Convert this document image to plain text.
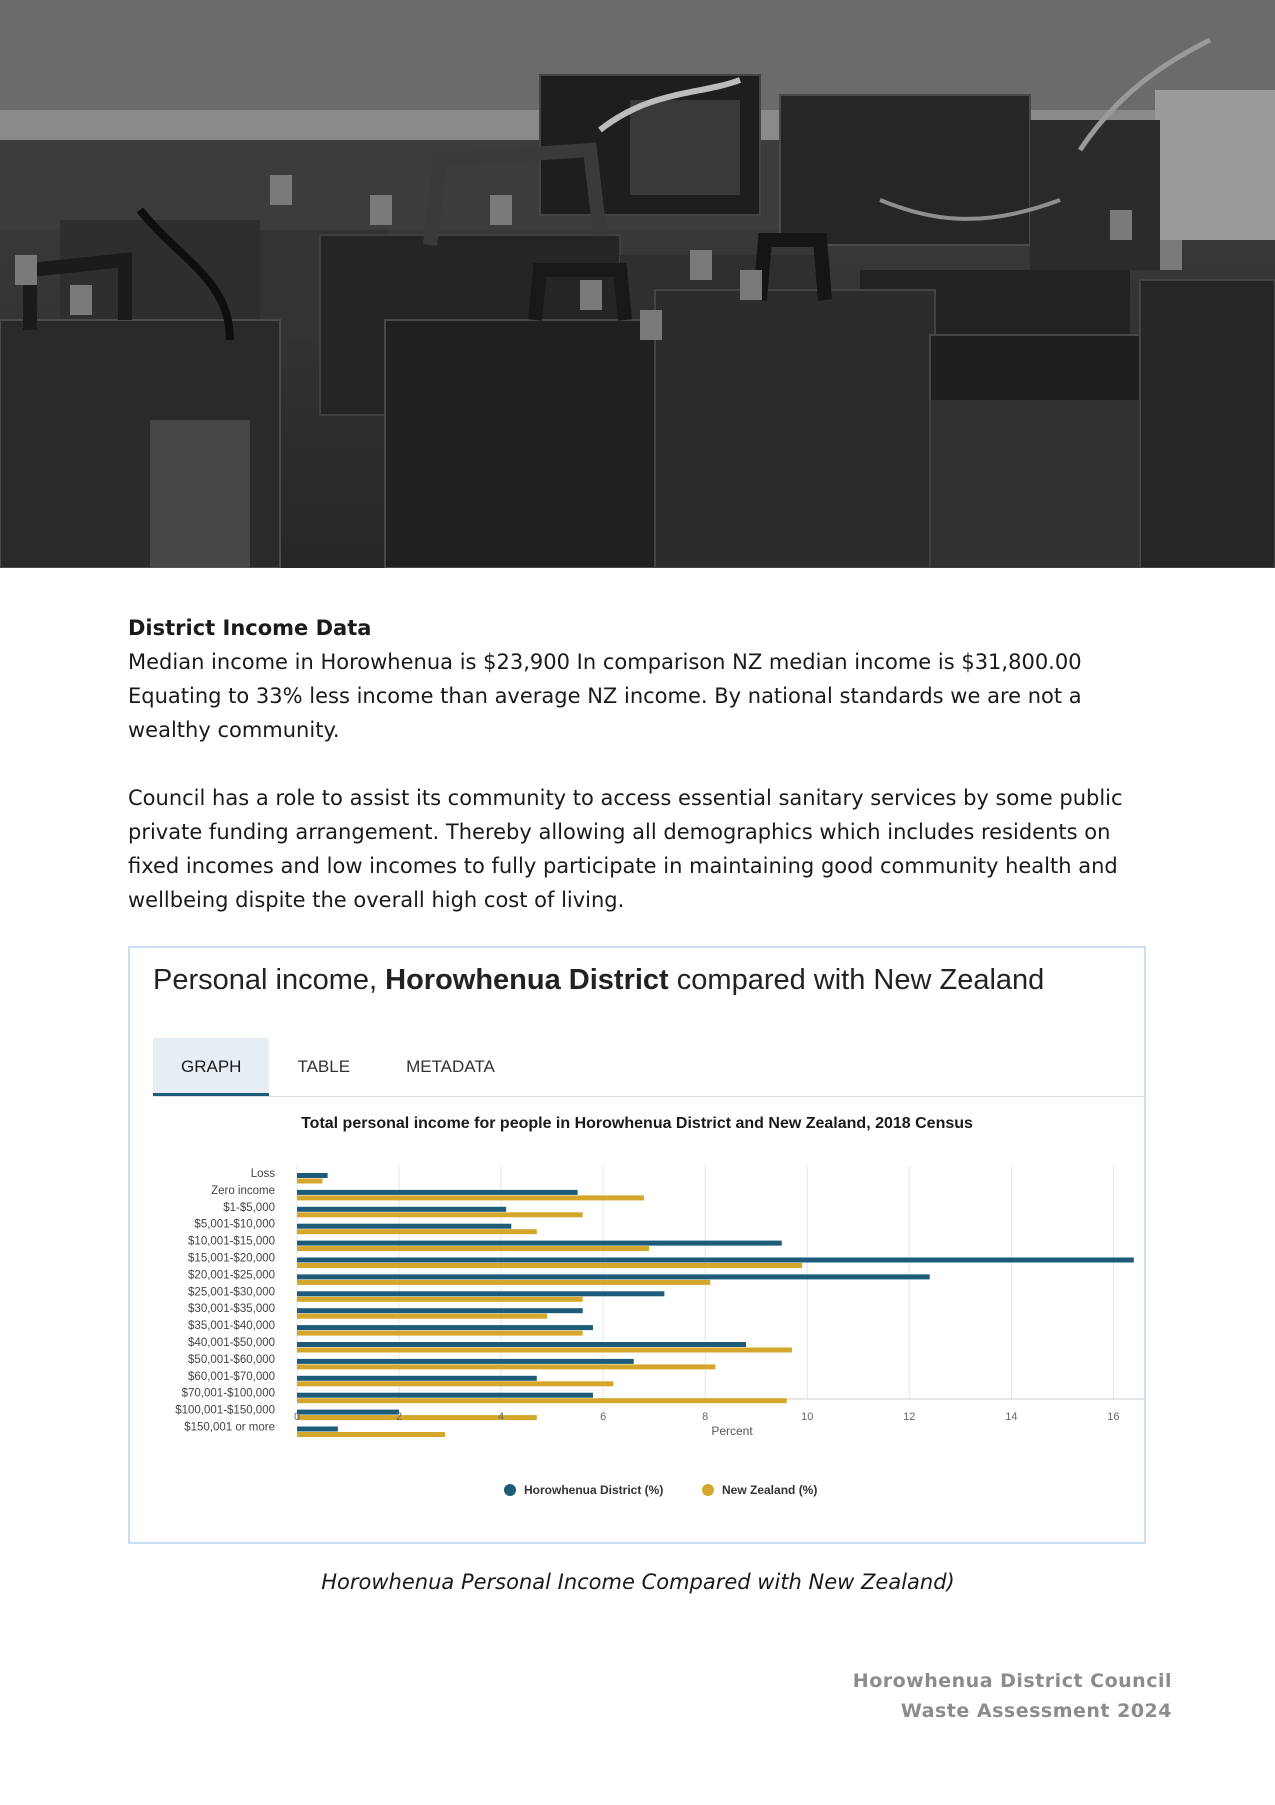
District Income Data

Median income in Horowhenua is $23,900 In comparison NZ median income is $31,800.00 Equating to 33% less income than average NZ income. By national standards we are not a wealthy community.

Council has a role to assist its community to access essential sanitary services by some public private funding arrangement. Thereby allowing all demographics which includes residents on fixed incomes and low incomes to fully participate in maintaining good community health and wellbeing dispite the overall high cost of living.

Personal income, Horowhenua District compared with New Zealand
GRAPH	TABLE	METADATA
Total personal income for people in Horowhenua District and New Zealand, 2018 Census
Loss
Zero income
$1-$5,000
$5,001-$10,000
$10,001-$15,000
$15,001-$20,000
$20,001-$25,000
$25,001-$30,000
$30,001-$35,000
$35,001-$40,000
$40,001-$50,000
$50,001-$60,000
$60,001-$70,000
$70,001-$100,000
$100,001-$150,000
$150,001 or more
0	2	4	6	8	10	12	14	16
Percent
Horowhenua District (%)	New Zealand (%)
Horowhenua Personal Income Compared with New Zealand)
Horowhenua District Council
Waste Assessment 2024
